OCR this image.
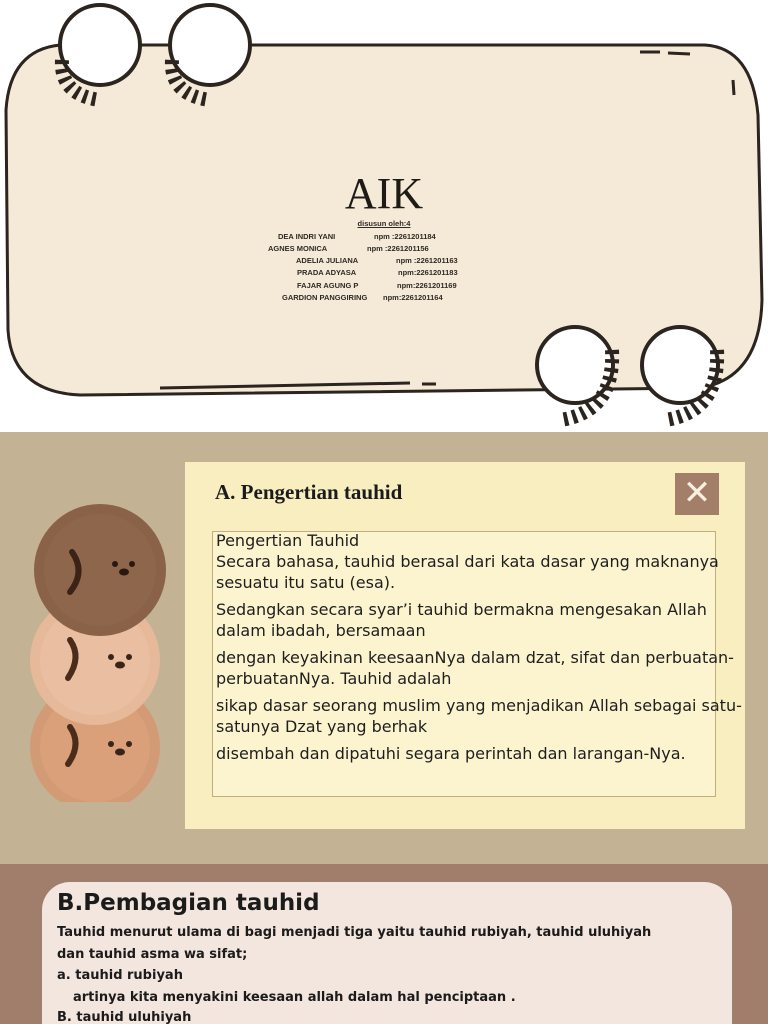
AIK
disusun oleh:4
DEA INDRI YANI	npm :2261201184
AGNES MONICA	npm :2261201156
ADELIA JULIANA	npm :2261201163
PRADA ADYASA	npm:2261201183
FAJAR AGUNG P	npm:2261201169
GARDION PANGGIRING npm:2261201164
A. Pengertian tauhid	✕

Pengertian Tauhid

Secara bahasa, tauhid berasal dari kata dasar yang maknanya sesuatu itu satu (esa).

Sedangkan secara syar’i tauhid bermakna mengesakan Allah dalam ibadah, bersamaan

dengan keyakinan keesaanNya dalam dzat, sifat dan perbuatan-perbuatanNya. Tauhid adalah

sikap dasar seorang muslim yang menjadikan Allah sebagai satu-satunya Dzat yang berhak

disembah dan dipatuhi segara perintah dan larangan-Nya.

B.Pembagian tauhid
Tauhid menurut ulama di bagi menjadi tiga yaitu tauhid rubiyah, tauhid uluhiyah
dan tauhid asma wa sifat;
a. tauhid rubiyah
artinya kita menyakini keesaan allah dalam hal penciptaan .
B. tauhid uluhiyah
